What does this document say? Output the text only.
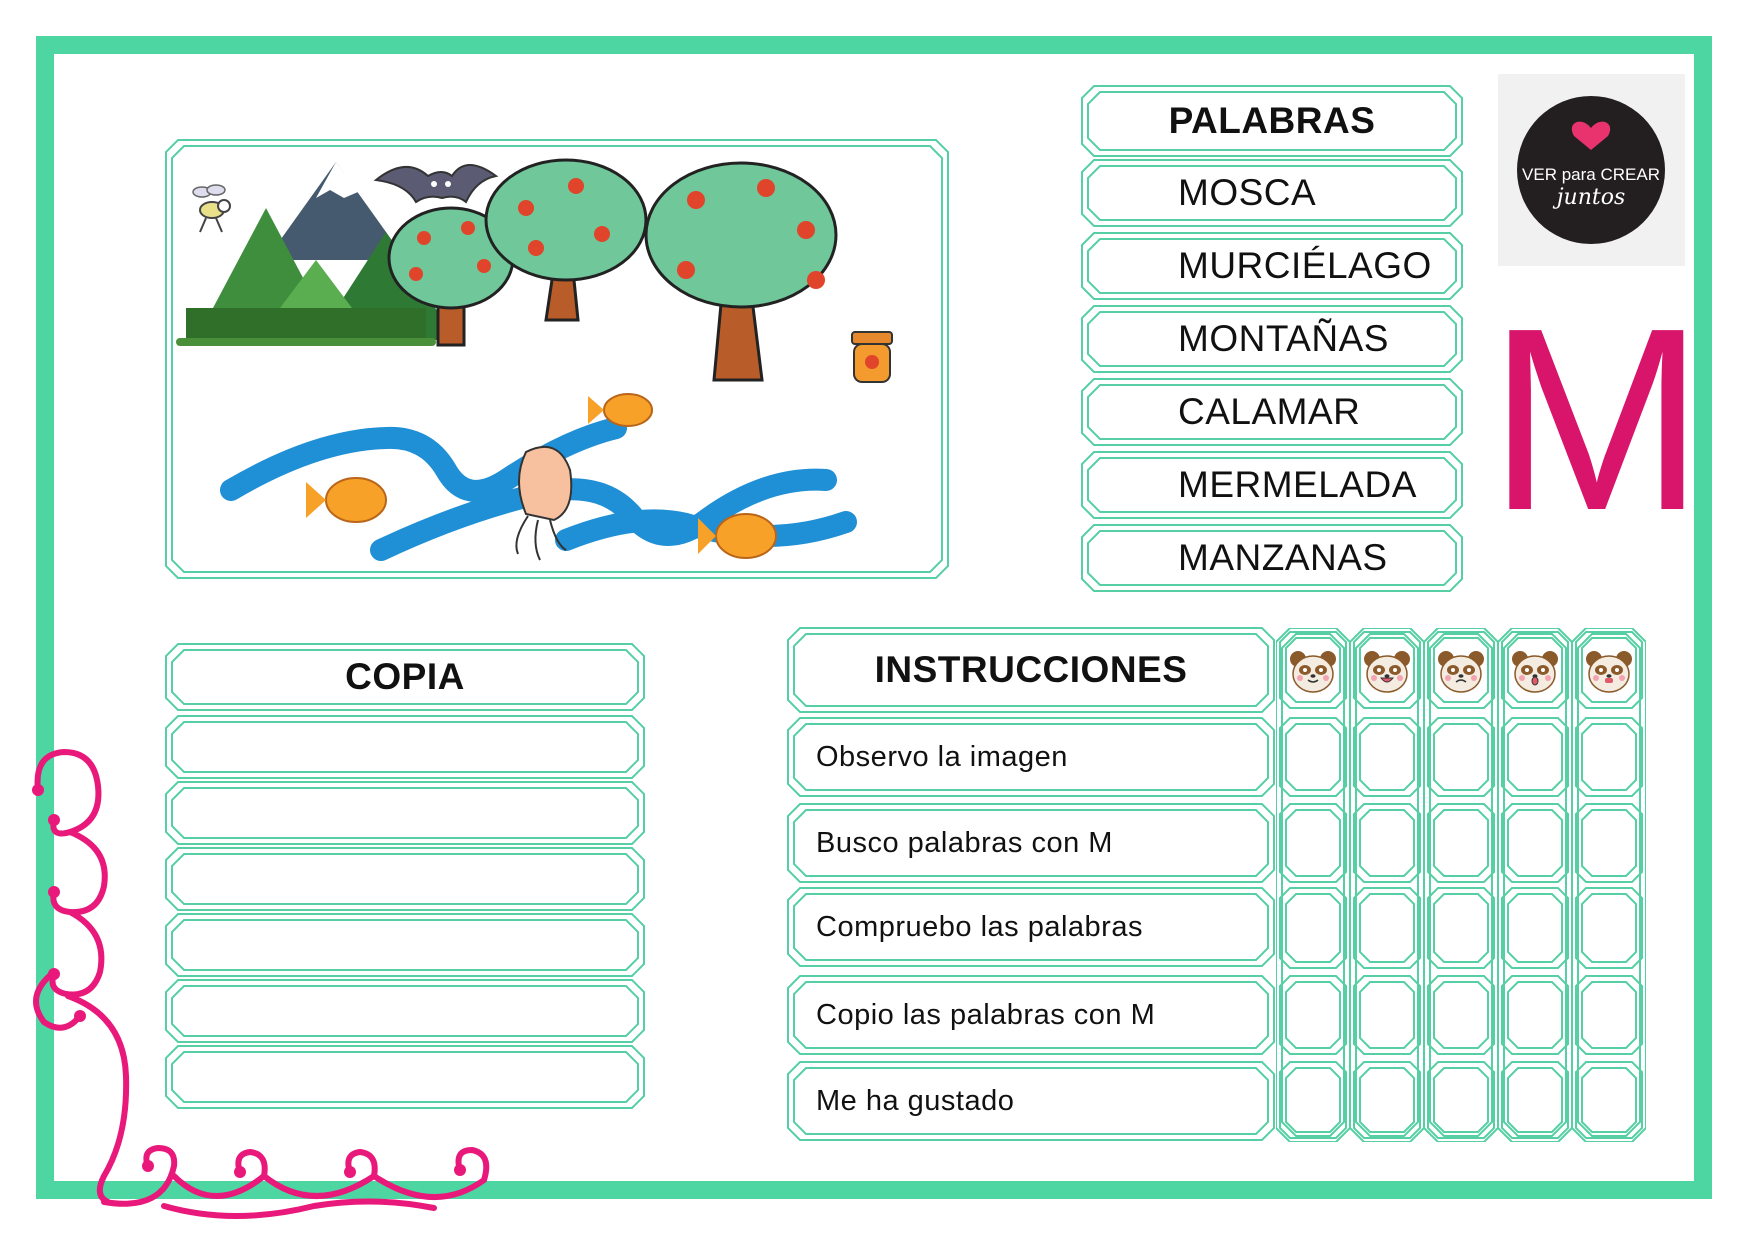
VER para CREAR
juntos
M
PALABRAS
MOSCA
MURCIÉLAGO
MONTAÑAS
CALAMAR
MERMELADA
MANZANAS
COPIA	INSTRUCCIONES
Observo la imagen
Busco palabras con M
Compruebo las palabras
Copio las palabras con M
Me ha gustado
